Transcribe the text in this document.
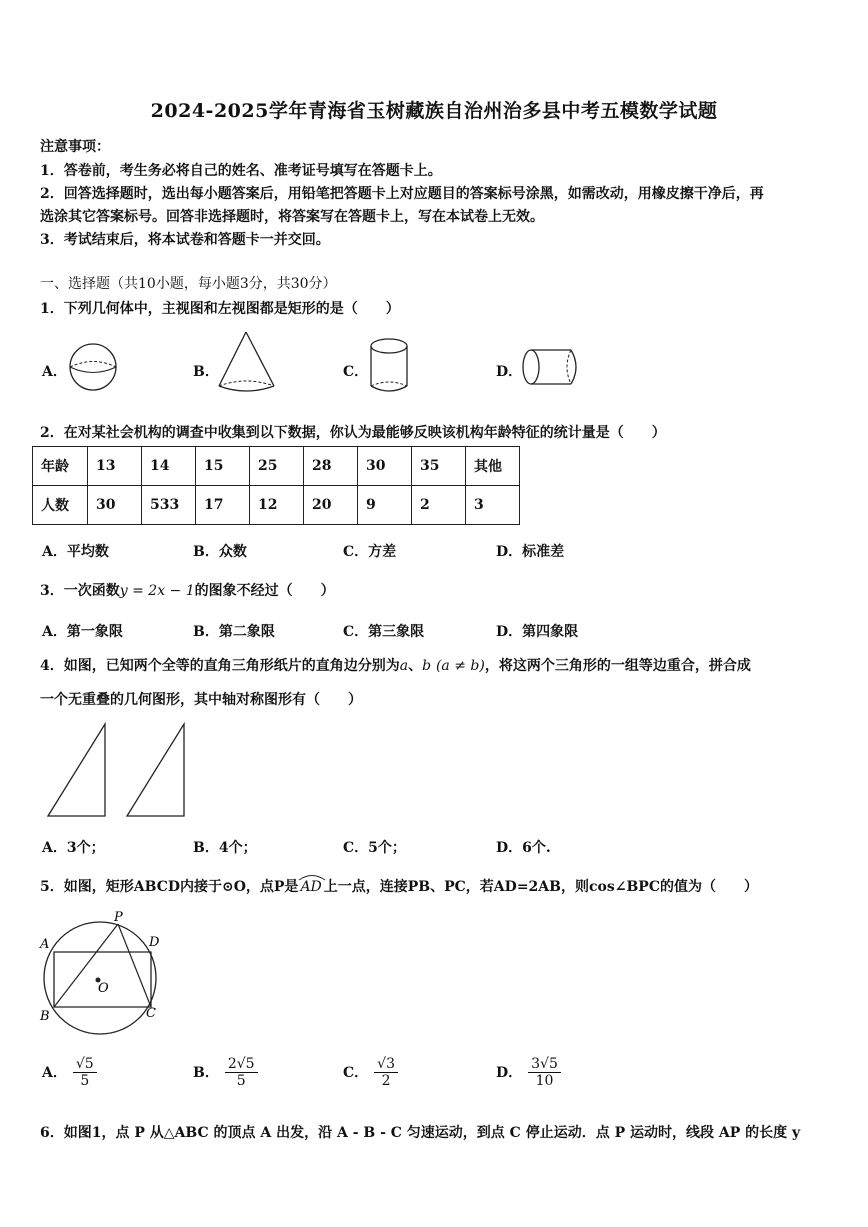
2024-2025学年青海省玉树藏族自治州治多县中考五模数学试题
注意事项：
1．答卷前，考生务必将自己的姓名、准考证号填写在答题卡上。
2．回答选择题时，选出每小题答案后，用铅笔把答题卡上对应题目的答案标号涂黑，如需改动，用橡皮擦干净后，再
选涂其它答案标号。回答非选择题时，将答案写在答题卡上，写在本试卷上无效。
3．考试结束后，将本试卷和答题卡一并交回。
一、选择题（共10小题，每小题3分，共30分）
1．下列几何体中，主视图和左视图都是矩形的是（　　）
A．	B．	C．	D．
2．在对某社会机构的调查中收集到以下数据，你认为最能够反映该机构年龄特征的统计量是（　　）
年龄	13	14	15	25	28	30	35	其他
人数	30	533	17	12	20	9	2	3
A．平均数	B．众数	C．方差	D．标准差
3．一次函数y = 2x − 1的图象不经过（　　）
A．第一象限	B．第二象限	C．第三象限	D．第四象限
4．如图，已知两个全等的直角三角形纸片的直角边分别为a、b (a ≠ b)，将这两个三角形的一组等边重合，拼合成
一个无重叠的几何图形，其中轴对称图形有（　　）
A．3个；	B．4个；	C．5个；	D．6个.
5．如图，矩形ABCD内接于⊙O，点P是 AD 上一点，连接PB、PC，若AD=2AB，则cos∠BPC的值为（　　）
A	D
P
B	C
O
A． $\frac{√5}{5}$	B． $\frac{2√5}{5}$	C． $\frac{√3}{2}$	D． $\frac{3√5}{10}$
6．如图1，点 P 从△ABC 的顶点 A 出发，沿 A - B - C 匀速运动，到点 C 停止运动．点 P 运动时，线段 AP 的长度 y
